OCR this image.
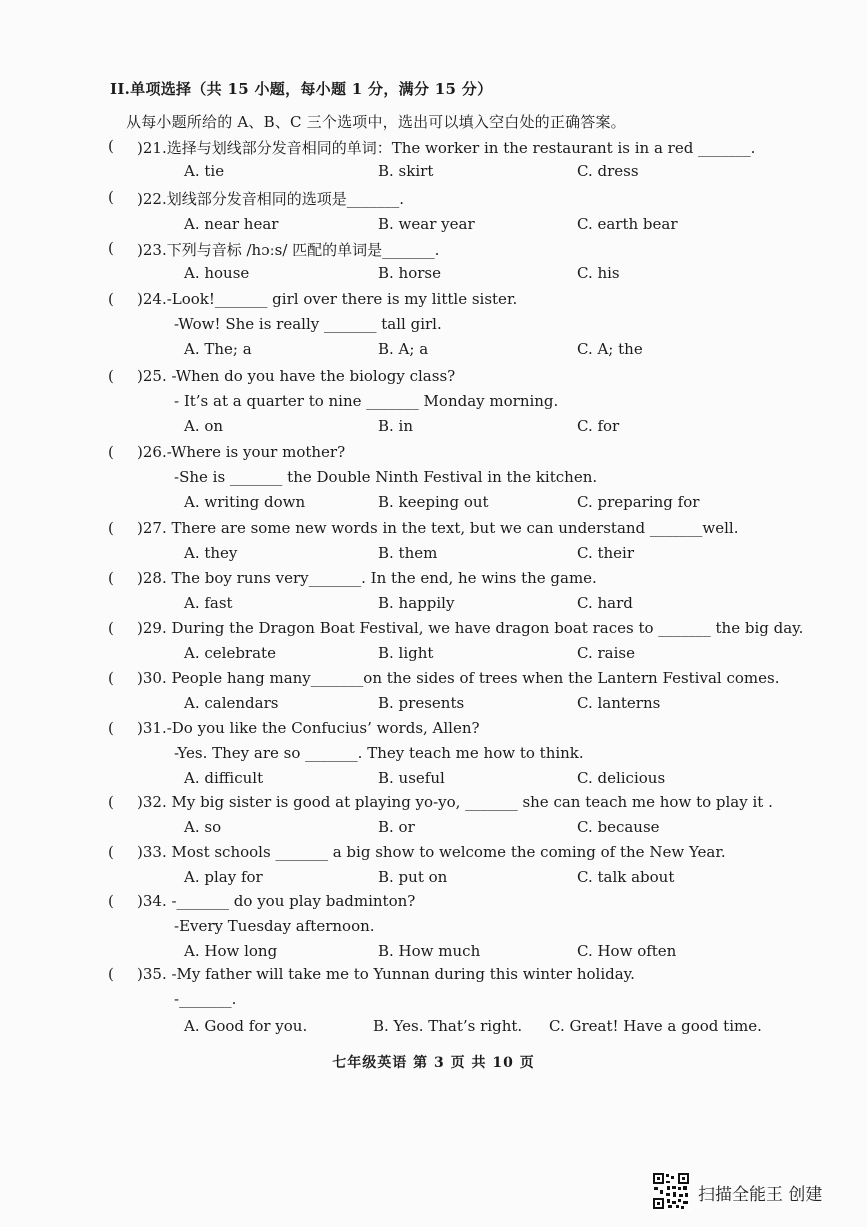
II.单项选择（共 15 小题，每小题 1 分，满分 15 分）
从每小题所给的 A、B、C 三个选项中，选出可以填入空白处的正确答案。
( )21.选择与划线部分发音相同的单词：The worker in the restaurant is in a red _______.
A. tie	B. skirt	C. dress
( )22.划线部分发音相同的选项是_______.
A. near hear	B. wear year	C. earth bear
( )23.下列与音标 /hɔːs/ 匹配的单词是_______.
A. house	B. horse	C. his
( )24.-Look!_______ girl over there is my little sister.
-Wow! She is really _______ tall girl.
A. The; a	B. A; a	C. A; the
( )25. -When do you have the biology class?
- It’s at a quarter to nine _______ Monday morning.
A. on	B. in	C. for
( )26.-Where is your mother?
-She is _______ the Double Ninth Festival in the kitchen.
A. writing down	B. keeping out	C. preparing for
( )27. There are some new words in the text, but we can understand _______well.
A. they	B. them	C. their
( )28. The boy runs very_______. In the end, he wins the game.
A. fast	B. happily	C. hard
( )29. During the Dragon Boat Festival, we have dragon boat races to _______ the big day.
A. celebrate	B. light	C. raise
( )30. People hang many_______on the sides of trees when the Lantern Festival comes.
A. calendars	B. presents	C. lanterns
( )31.-Do you like the Confucius’ words, Allen?
-Yes. They are so _______. They teach me how to think.
A. difficult	B. useful	C. delicious
( )32. My big sister is good at playing yo-yo, _______ she can teach me how to play it .
A. so	B. or	C. because
( )33. Most schools _______ a big show to welcome the coming of the New Year.
A. play for	B. put on	C. talk about
( )34. -_______ do you play badminton?
-Every Tuesday afternoon.
A. How long	B. How much	C. How often
( )35. -My father will take me to Yunnan during this winter holiday.
-_______.
A. Good for you.	B. Yes. That’s right. C. Great! Have a good time.
七年级英语 第 3 页 共 10 页
扫描全能王 创建
